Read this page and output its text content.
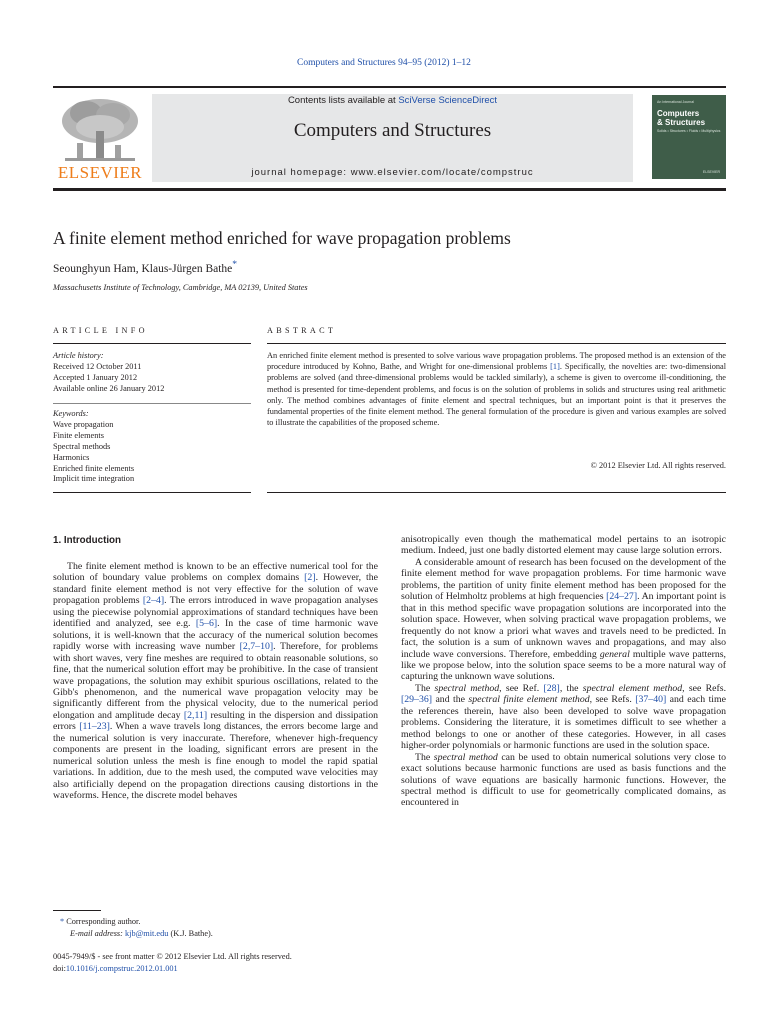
Computers and Structures 94–95 (2012) 1–12
ELSEVIER
Contents lists available at SciVerse ScienceDirect
Computers and Structures
journal homepage: www.elsevier.com/locate/compstruc
An International Journal
Computers
& Structures
Solids • Structures • Fluids • Multiphysics
ELSEVIER
A finite element method enriched for wave propagation problems
Seounghyun Ham, Klaus-Jürgen Bathe*
Massachusetts Institute of Technology, Cambridge, MA 02139, United States
ARTICLE INFO
Article history:
Received 12 October 2011
Accepted 1 January 2012
Available online 26 January 2012
Keywords:
Wave propagation
Finite elements
Spectral methods
Harmonics
Enriched finite elements
Implicit time integration
ABSTRACT
An enriched finite element method is presented to solve various wave propagation problems. The proposed method is an extension of the procedure introduced by Kohno, Bathe, and Wright for one-dimensional problems [1]. Specifically, the novelties are: two-dimensional problems are solved (and three-dimensional problems would be tackled similarly), a scheme is given to overcome ill-conditioning, the method is presented for time-dependent problems, and focus is on the solution of problems in solids and structures using real arithmetic only. The method combines advantages of finite element and spectral techniques, but an important point is that it preserves the fundamental properties of the finite element method. The general formulation of the procedure is given and various examples are solved to illustrate the capabilities of the proposed scheme.
© 2012 Elsevier Ltd. All rights reserved.
1. Introduction

The finite element method is known to be an effective numerical tool for the solution of boundary value problems on complex domains [2]. However, the standard finite element method is not very effective for the solution of wave propagation problems [2–4]. The errors introduced in wave propagation analyses using the piecewise polynomial approximations of standard techniques have been identified and analyzed, see e.g. [5–6]. In the case of time harmonic wave solutions, it is well-known that the accuracy of the numerical solution becomes rapidly worse with increasing wave number [2,7–10]. Therefore, for problems with short waves, very fine meshes are required to obtain reasonable solutions, so fine, that the numerical solution effort may be prohibitive. In the case of transient wave propagations, the solution may exhibit spurious oscillations, related to the Gibb's phenomenon, and the numerical wave propagation velocity may be significantly different from the physical velocity, due to the numerical period elongation and amplitude decay [2,11] resulting in the dispersion and dissipation errors [11–23]. When a wave travels long distances, the errors become large and the numerical solution is very inaccurate. Therefore, whenever high-frequency components are present in the loading, significant errors are present in the numerical solution unless the mesh is fine enough to model the rapid spatial variations. In addition, due to the mesh used, the computed wave velocities may also artificially depend on the propagation directions causing distortions in the waveforms. Hence, the discrete model behaves

anisotropically even though the mathematical model pertains to an isotropic medium. Indeed, just one badly distorted element may cause large solution errors.

A considerable amount of research has been focused on the development of the finite element method for wave propagation problems. For time harmonic wave problems, the partition of unity finite element method has been proposed for the solution of Helmholtz problems at high frequencies [24–27]. An important point is that in this method specific wave propagation solutions are incorporated into the solution space. However, when solving practical wave propagation problems, we frequently do not know a priori what waves and travels need to be predicted. In fact, the solution is a sum of unknown waves and propagations, and may also include wave conversions. Therefore, embedding general multiple wave patterns, like we propose below, into the solution space seems to be a more natural way of capturing the unknown wave solutions.

The spectral method, see Ref. [28], the spectral element method, see Refs. [29–36] and the spectral finite element method, see Refs. [37–40] and each time the references therein, have also been developed to solve wave propagation problems. Considering the literature, it is sometimes difficult to see whether a method belongs to one or another of these categories. However, in all cases higher-order polynomials or harmonic functions are used in the solution space.

The spectral method can be used to obtain numerical solutions very close to exact solutions because harmonic functions are used as basis functions and the solutions of wave equations are basically harmonic functions. However, the spectral method is difficult to use for geometrically complicated domains, as encountered in

* Corresponding author.
E-mail address: kjb@mit.edu (K.J. Bathe).
0045-7949/$ - see front matter © 2012 Elsevier Ltd. All rights reserved.
doi:10.1016/j.compstruc.2012.01.001
